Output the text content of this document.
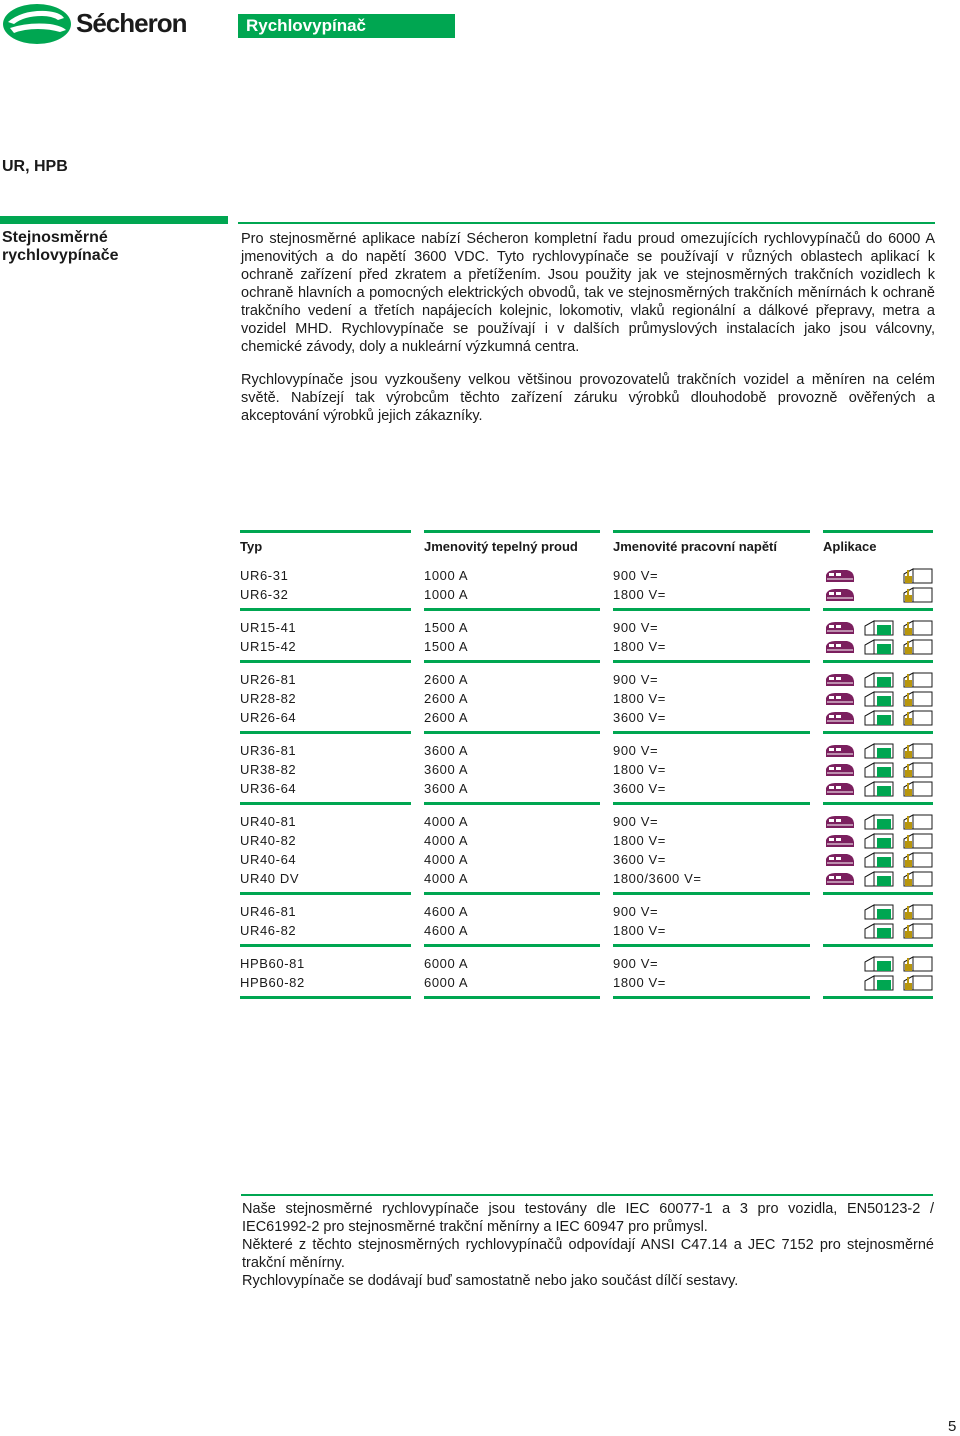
Sécheron	Rychlovypínač
UR, HPB
Stejnosměrné rychlovypínače
Pro stejnosměrné aplikace nabízí Sécheron kompletní řadu proud omezujících rychlovypínačů do 6000 A jmenovitých a do napětí 3600 VDC. Tyto rychlovypínače se používají v různých oblastech aplikací k ochraně zařízení před zkratem a přetížením. Jsou použity jak ve stejnosměrných trakčních vozidlech k ochraně hlavních a pomocných elektrických obvodů, tak ve stejnosměrných trakčních měnírnách k ochraně trakčního vedení a třetích napájecích kolejnic, lokomotiv, vlaků regionální a dálkové přepravy, metra a vozidel MHD. Rychlovypínače se používají i v dalších průmyslových instalacích jako jsou válcovny, chemické závody, doly a nukleární výzkumná centra.
Rychlovypínače jsou vyzkoušeny velkou většinou provozovatelů trakčních vozidel a měníren na celém světě. Nabízejí tak výrobcům těchto zařízení záruku výrobků dlouhodobě provozně ověřených a akceptování výrobků jejich zákazníky.
Typ	Jmenovitý tepelný proud	Jmenovité pracovní napětí	Aplikace
UR6-31	1000 A	900 V=
UR6-32	1000 A	1800 V=
UR15-41	1500 A	900 V=
UR15-42	1500 A	1800 V=
UR26-81	2600 A	900 V=
UR28-82	2600 A	1800 V=
UR26-64	2600 A	3600 V=
UR36-81	3600 A	900 V=
UR38-82	3600 A	1800 V=
UR36-64	3600 A	3600 V=
UR40-81	4000 A	900 V=
UR40-82	4000 A	1800 V=
UR40-64	4000 A	3600 V=
UR40 DV	4000 A	1800/3600 V=
UR46-81	4600 A	900 V=
UR46-82	4600 A	1800 V=
HPB60-81	6000 A	900 V=
HPB60-82	6000 A	1800 V=

Naše stejnosměrné rychlovypínače jsou testovány dle IEC 60077-1 a 3 pro vozidla, EN50123-2 / IEC61992-2 pro stejnosměrné trakční měnírny a IEC 60947 pro průmysl.

Některé z těchto stejnosměrných rychlovypínačů odpovídají ANSI C47.14 a JEC 7152 pro stejnosměrné trakční měnírny.

Rychlovypínače se dodávají buď samostatně nebo jako součást dílčí sestavy.

5
